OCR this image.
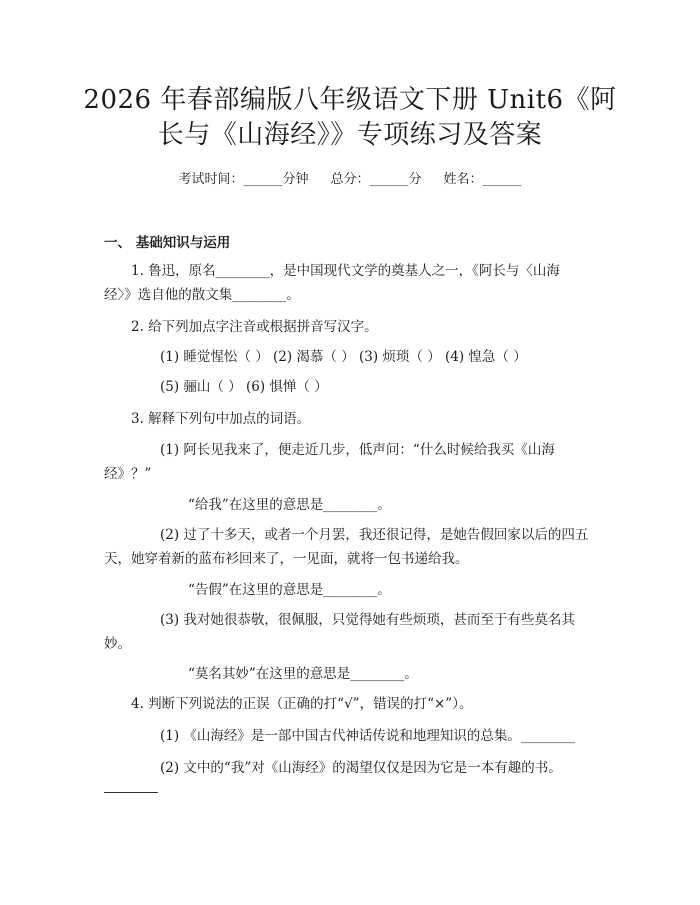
2026 年春部编版八年级语文下册 Unit6《阿
长与《山海经》》专项练习及答案
考试时间：______分钟 总分：______分 姓名：______
一、 基础知识与运用
1. 鲁迅，原名________，是中国现代文学的奠基人之一，《阿长与〈山海
经〉》选自他的散文集________。
2. 给下列加点字注音或根据拼音写汉字。
(1) 睡觉惺忪（ ） (2) 渴慕（ ） (3) 烦琐（ ） (4) 惶急（ ）
(5) 骊山（ ） (6) 惧惮（ ）
3. 解释下列句中加点的词语。
(1) 阿长见我来了，便走近几步，低声问：“什么时候给我买《山海
经》？”
“给我”在这里的意思是________。
(2) 过了十多天，或者一个月罢，我还很记得，是她告假回家以后的四五
天，她穿着新的蓝布衫回来了，一见面，就将一包书递给我。
“告假”在这里的意思是________。
(3) 我对她很恭敬，很佩服，只觉得她有些烦琐，甚而至于有些莫名其
妙。
“莫名其妙”在这里的意思是________。
4. 判断下列说法的正误（正确的打“√”，错误的打“×”）。
(1) 《山海经》是一部中国古代神话传说和地理知识的总集。________
(2) 文中的“我”对《山海经》的渴望仅仅是因为它是一本有趣的书。
